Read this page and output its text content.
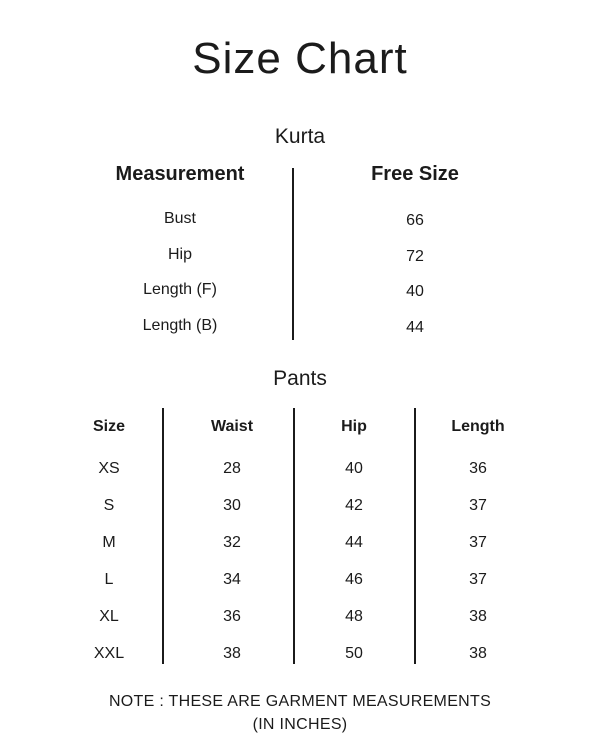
Size Chart
Kurta
Measurement	Free Size
Bust	66
Hip	72
Length (F)	40
Length (B)	44
Pants
Size	Waist	Hip	Length
XS	28	40	36
S	30	42	37
M	32	44	37
L	34	46	37
XL	36	48	38
XXL	38	50	38
NOTE : THESE ARE GARMENT MEASUREMENTS
(IN INCHES)
